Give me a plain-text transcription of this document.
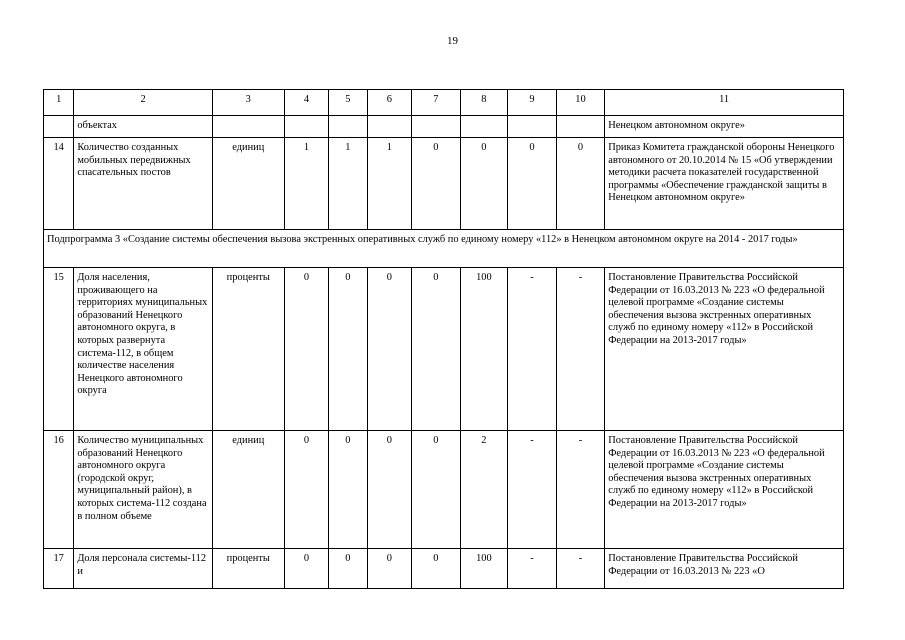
19
1	2	3	4	5	6	7	8	9	10	11
	объектах									Ненецком автономном округе»
14	Количество созданных мобильных передвижных спасательных постов	единиц	1	1	1	0	0	0	0	Приказ Комитета гражданской обороны Ненецкого автономного от 20.10.2014 № 15 «Об утверждении методики расчета показателей государственной программы «Обеспечение гражданской защиты в Ненецком автономном округе»
Подпрограмма 3 «Создание системы обеспечения вызова экстренных оперативных служб по единому номеру «112» в Ненецком автономном округе на 2014 - 2017 годы»										
15	Доля населения, проживающего на территориях муниципальных образований Ненецкого автономного округа, в которых развернута система-112, в общем количестве населения Ненецкого автономного округа	проценты	0	0	0	0	100	-	-	Постановление Правительства Российской Федерации от 16.03.2013 № 223 «О федеральной целевой программе «Создание системы обеспечения вызова экстренных оперативных служб по единому номеру «112» в Российской Федерации на 2013-2017 годы»
16	Количество муниципальных образований Ненецкого автономного округа (городской округ, муниципальный район), в которых система-112 создана в полном объеме	единиц	0	0	0	0	2	-	-	Постановление Правительства Российской Федерации от 16.03.2013 № 223 «О федеральной целевой программе «Создание системы обеспечения вызова экстренных оперативных служб по единому номеру «112» в Российской Федерации на 2013-2017 годы»
17	Доля персонала системы-112 и	проценты	0	0	0	0	100	-	-	Постановление Правительства Российской Федерации от 16.03.2013 № 223 «О
